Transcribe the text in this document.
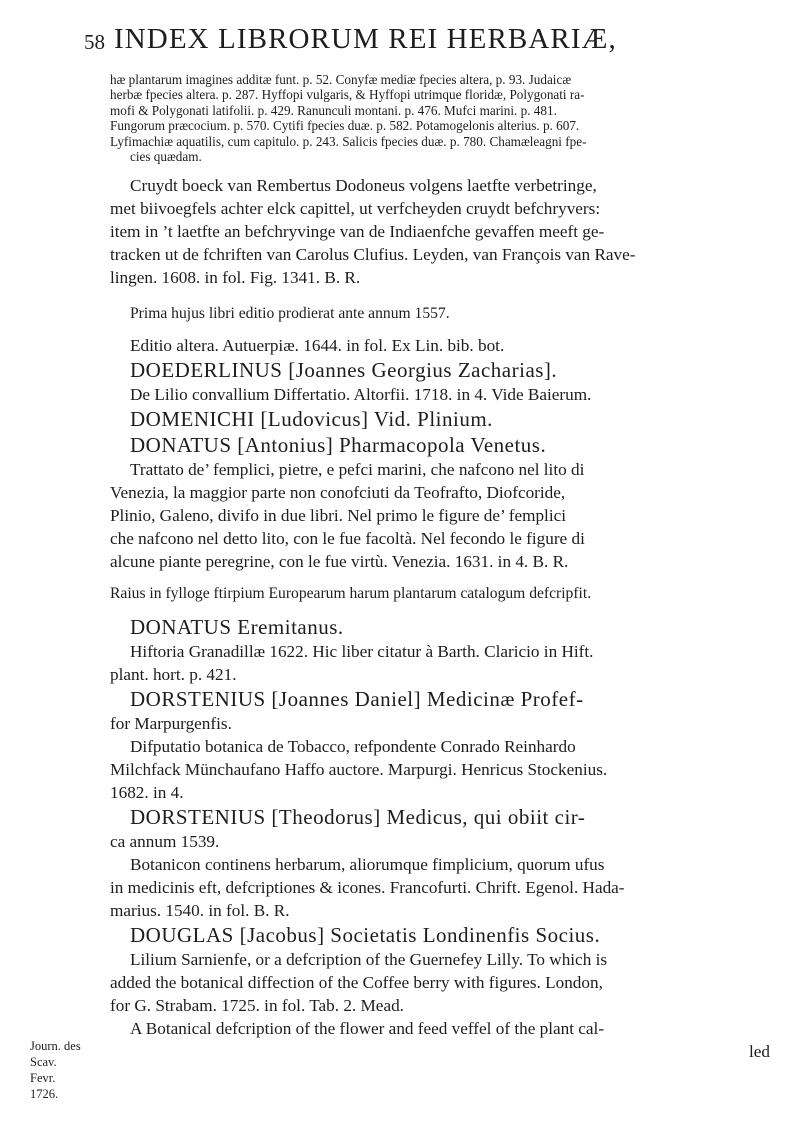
58 INDEX LIBRORUM REI HERBARIÆ,
hæ plantarum imagines additæ funt. p. 52. Conyfæ mediæ fpecies altera, p. 93. Judaicæ
herbæ fpecies altera. p. 287. Hyffopi vulgaris, & Hyffopi utrimque floridæ, Polygonati ra-
mofi & Polygonati latifolii. p. 429. Ranunculi montani. p. 476. Mufci marini. p. 481.
Fungorum præcocium. p. 570. Cytifi fpecies duæ. p. 582. Potamogelonis alterius. p. 607.
Lyfimachiæ aquatilis, cum capitulo. p. 243. Salicis fpecies duæ. p. 780. Chamæleagni fpe-
cies quædam.
Cruydt boeck van Rembertus Dodoneus volgens laetfte verbetringe,
met biivoegfels achter elck capittel, ut verfcheyden cruydt befchryvers:
item in ’t laetfte an befchryvinge van de Indiaenfche gevaffen meeft ge-
tracken ut de fchriften van Carolus Clufius. Leyden, van François van Rave-
lingen. 1608. in fol. Fig. 1341. B. R.
Prima hujus libri editio prodierat ante annum 1557.
Editio altera. Autuerpiæ. 1644. in fol. Ex Lin. bib. bot.
DOEDERLINUS [Joannes Georgius Zacharias].
De Lilio convallium Differtatio. Altorfii. 1718. in 4. Vide Baierum.
DOMENICHI [Ludovicus] Vid. Plinium.
DONATUS [Antonius] Pharmacopola Venetus.
Trattato de’ femplici, pietre, e pefci marini, che nafcono nel lito di
Venezia, la maggior parte non conofciuti da Teofrafto, Diofcoride,
Plinio, Galeno, divifo in due libri. Nel primo le figure de’ femplici
che nafcono nel detto lito, con le fue facoltà. Nel fecondo le figure di
alcune piante peregrine, con le fue virtù. Venezia. 1631. in 4. B. R.
Raius in fylloge ftirpium Europearum harum plantarum catalogum defcripfit.
DONATUS Eremitanus.
Hiftoria Granadillæ 1622. Hic liber citatur à Barth. Claricio in Hift.
plant. hort. p. 421.
DORSTENIUS [Joannes Daniel] Medicinæ Profef-
for Marpurgenfis.
Difputatio botanica de Tobacco, refpondente Conrado Reinhardo
Milchfack Münchaufano Haffo auctore. Marpurgi. Henricus Stockenius.
1682. in 4.
DORSTENIUS [Theodorus] Medicus, qui obiit cir-
ca annum 1539.
Botanicon continens herbarum, aliorumque fimplicium, quorum ufus
in medicinis eft, defcriptiones & icones. Francofurti. Chrift. Egenol. Hada-
marius. 1540. in fol. B. R.
DOUGLAS [Jacobus] Societatis Londinenfis Socius.
Lilium Sarnienfe, or a defcription of the Guernefey Lilly. To which is
added the botanical diffection of the Coffee berry with figures. London,
for G. Strabam. 1725. in fol. Tab. 2. Mead.
A Botanical defcription of the flower and feed veffel of the plant cal-
led
Journ. des
Scav.
Fevr.
1726.
